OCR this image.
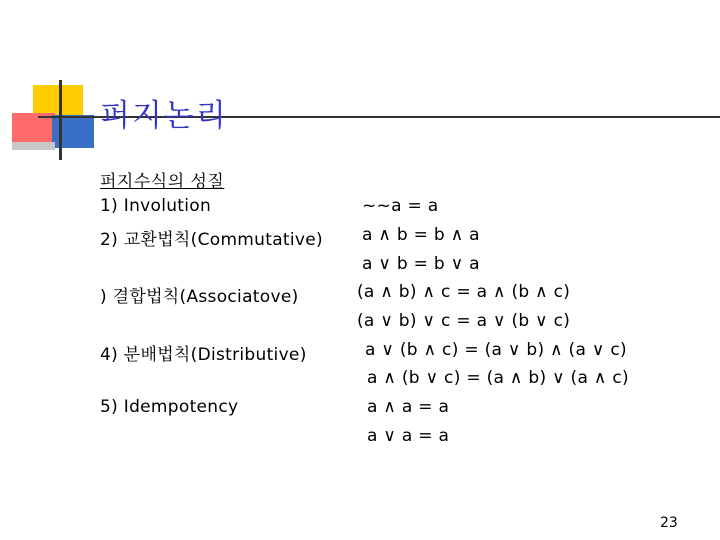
퍼지논리
퍼지수식의 성질
1) Involution
2) 교환법칙(Commutative)
) 결합법칙(Associatove)
4) 분배법칙(Distributive)
5) Idempotency
~~a = a
a ∧ b = b ∧ a
a ∨ b = b ∨ a
(a ∧ b) ∧ c = a ∧ (b ∧ c)
(a ∨ b) ∨ c = a ∨ (b ∨ c)
a ∨ (b ∧ c) = (a ∨ b) ∧ (a ∨ c)
a ∧ (b ∨ c) = (a ∧ b) ∨ (a ∧ c)
a ∧ a = a
a ∨ a = a
23
